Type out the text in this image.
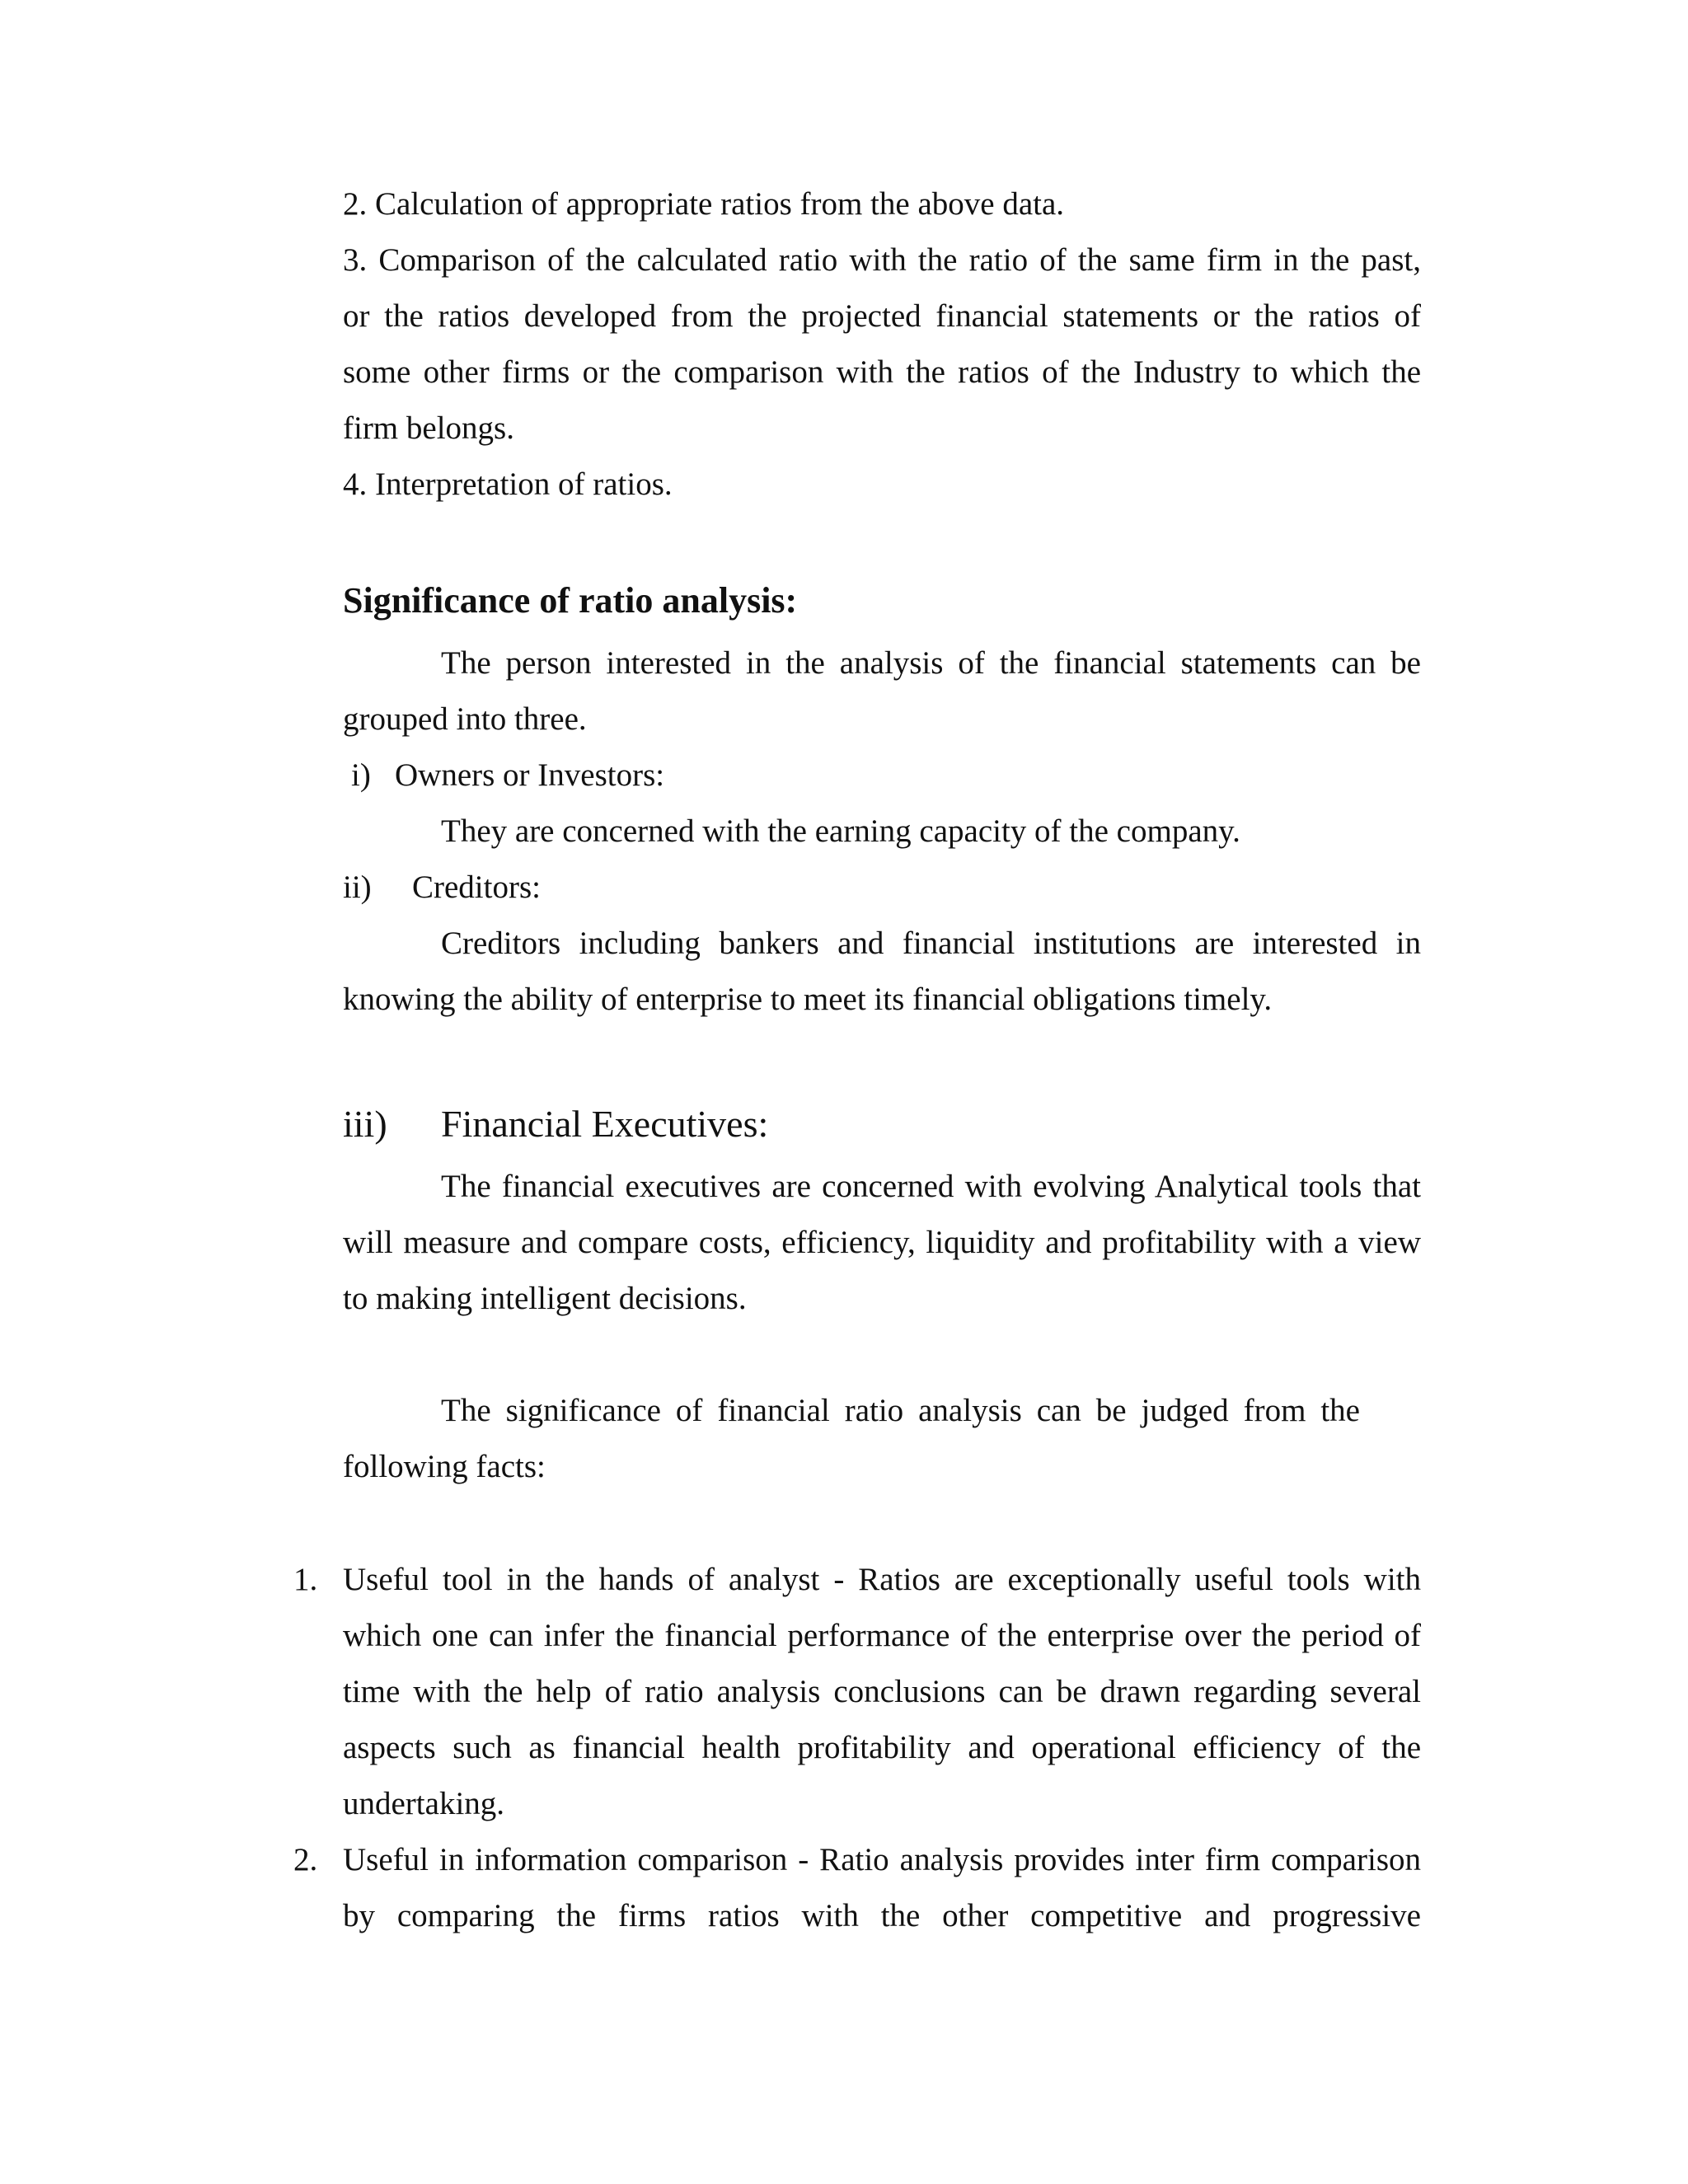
2. Calculation of appropriate ratios from the above data.
3. Comparison of the calculated ratio with the ratio of the same firm in the past,
or the ratios developed from the projected financial statements or the ratios of
some other firms or the comparison with the ratios of the Industry to which the
firm belongs.
4. Interpretation of ratios.
Significance of ratio analysis:
The person interested in the analysis of the financial statements can be
grouped into three.
i) Owners or Investors:
They are concerned with the earning capacity of the company.
ii) Creditors:
Creditors including bankers and financial institutions are interested in
knowing the ability of enterprise to meet its financial obligations timely.
iii) Financial Executives:
The financial executives are concerned with evolving Analytical tools that
will measure and compare costs, efficiency, liquidity and profitability with a view
to making intelligent decisions.
The significance of financial ratio analysis can be judged from the
following facts:
1. Useful tool in the hands of analyst - Ratios are exceptionally useful tools with
which one can infer the financial performance of the enterprise over the period of
time with the help of ratio analysis conclusions can be drawn regarding several
aspects such as financial health profitability and operational efficiency of the
undertaking.
2. Useful in information comparison - Ratio analysis provides inter firm comparison
by comparing the firms ratios with the other competitive and progressive
